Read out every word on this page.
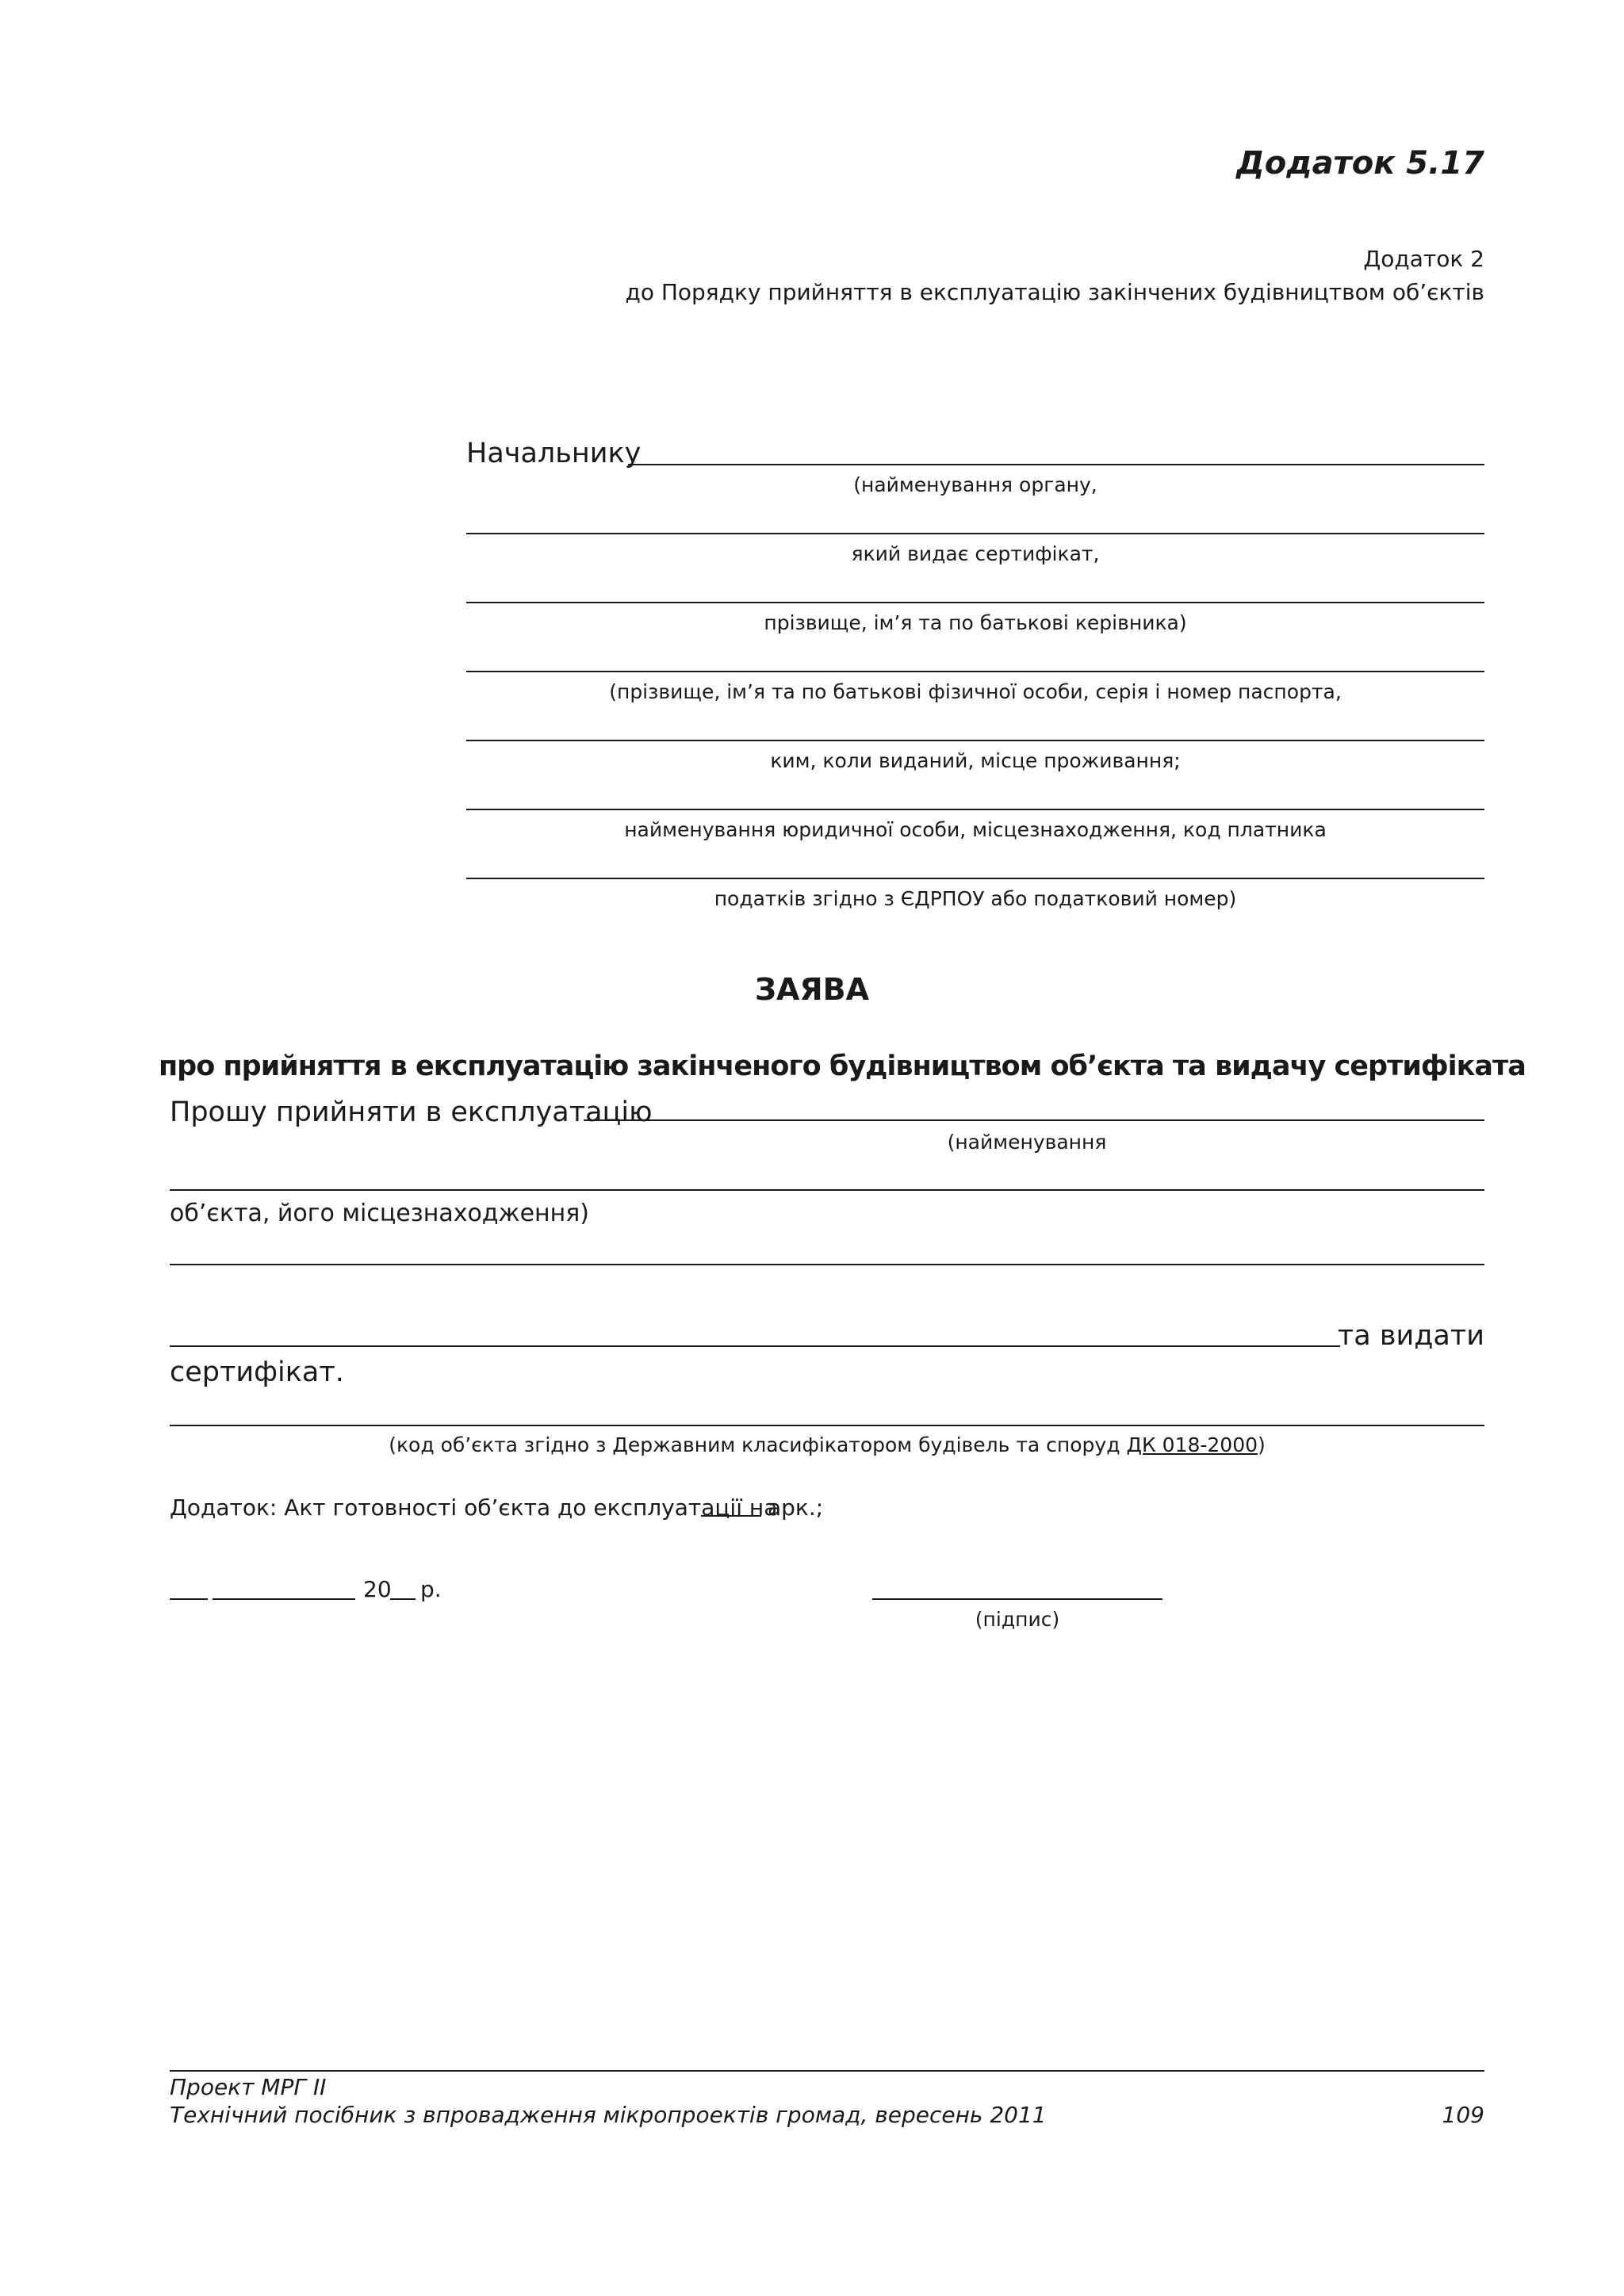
Додаток 5.17
Додаток 2
до Порядку прийняття в експлуатацію закінчених будівництвом об’єктів
Начальнику
(найменування органу,
який видає сертифікат,
прізвище, ім’я та по батькові керівника)
(прізвище, ім’я та по батькові фізичної особи, серія і номер паспорта,
ким, коли виданий, місце проживання;
найменування юридичної особи, місцезнаходження, код платника
податків згідно з ЄДРПОУ або податковий номер)
ЗАЯВА
про прийняття в експлуатацію закінченого будівництвом об’єкта та видачу сертифіката
Прошу прийняти в експлуатацію
(найменування
об’єкта, його місцезнаходження)
та видати
сертифікат.
(код об’єкта згідно з Державним класифікатором будівель та споруд ДК 018-2000)
Додаток: Акт готовності об’єкта до експлуатації на
арк.;
20 р.
(підпис)
Проект МРГ ІІ
Технічний посібник з впровадження мікропроектів громад, вересень 2011	109
